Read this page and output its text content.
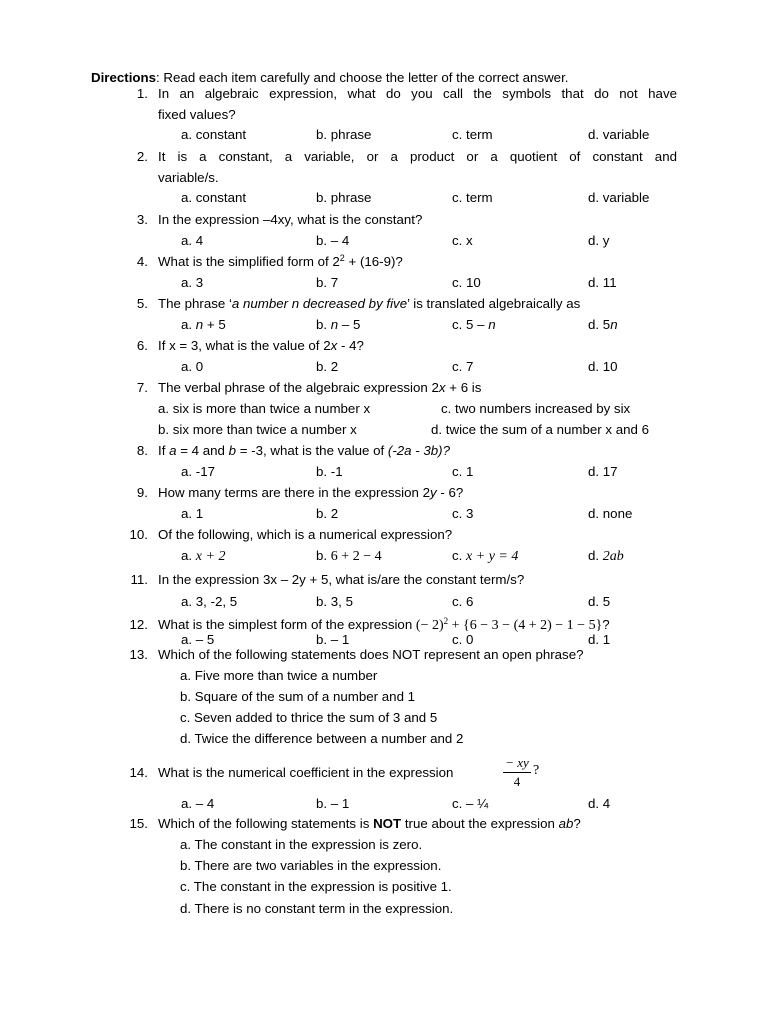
Directions: Read each item carefully and choose the letter of the correct answer.
1. In an algebraic expression, what do you call the symbols that do not have
fixed values?
a. constant	b. phrase	c. term	d. variable
2. It is a constant, a variable, or a product or a quotient of constant and
variable/s.
a. constant	b. phrase	c. term	d. variable
3. In the expression –4xy, what is the constant?
a. 4	b. – 4	c. x	d. y
4. What is the simplified form of $2^2 + (16-9)$?
a. 3	b. 7	c. 10	d. 11
5. The phrase ‘a number n decreased by five’ is translated algebraically as
a. n + 5	b. n – 5	c. 5 – n	d. 5n
6. If x = 3, what is the value of 2x - 4?
a. 0	b. 2	c. 7	d. 10
7. The verbal phrase of the algebraic expression 2x + 6 is
a. six is more than twice a number x	c. two numbers increased by six
b. six more than twice a number x	d. twice the sum of a number x and 6
8. If a = 4 and b = -3, what is the value of (-2a - 3b)?
a. -17	b. -1	c. 1	d. 17
9. How many terms are there in the expression 2y - 6?
a. 1	b. 2	c. 3	d. none
10. Of the following, which is a numerical expression?
a. x + 2	b. 6 + 2 − 4	c. x + y = 4	d. 2ab
11. In the expression 3x – 2y + 5, what is/are the constant term/s?
a. 3, -2, 5	b. 3, 5	c. 6	d. 5
12. What is the simplest form of the expression (− 2)$^2$ + {6 − 3 − (4 + 2) − 1 − 5}?
a. – 5	b. – 1	c. 0	d. 1
13. Which of the following statements does NOT represent an open phrase?
a. Five more than twice a number
b. Square of the sum of a number and 1
c. Seven added to thrice the sum of 3 and 5
d. Twice the difference between a number and 2
14. What is the numerical coefficient in the expression
− xy
4
?
a. – 4	b. – 1	c. – ¼	d. 4
15. Which of the following statements is NOT true about the expression ab?
a. The constant in the expression is zero.
b. There are two variables in the expression.
c. The constant in the expression is positive 1.
d. There is no constant term in the expression.
